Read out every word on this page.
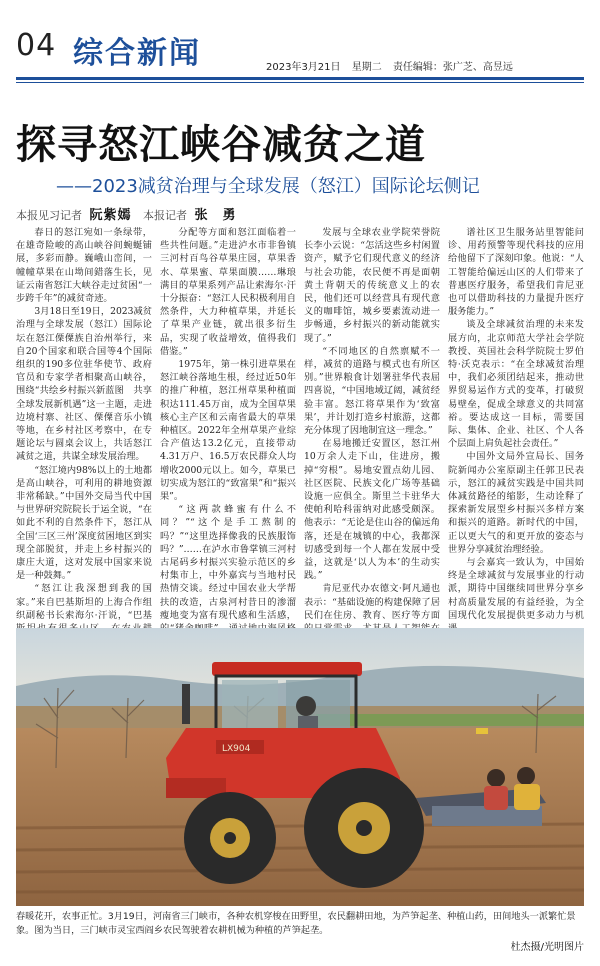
04 综合新闻	2023年3月21日 星期二 责任编辑：张广芝、高昱远
探寻怒江峡谷减贫之道
——2023减贫治理与全球发展（怒江）国际论坛侧记
本报见习记者 阮紫嫣 本报记者 张　勇

春日的怒江宛如一条绿带，在雄奇险峻的高山峡谷间蜿蜒铺展，多彩而静。巍峨山峦间，一幢幢草果在山坳间錯落生长，见证云南省怒江大峡谷走过贫困“一步跨千年”的减贫奇迹。

3月18日至19日，2023减贫治理与全球发展（怒江）国际论坛在怒江傈僳族自治州举行，来自20个国家和联合国等4个国际组织的190多位驻华使节、政府官员和专家学者相聚高山峡谷，围绕“共绘乡村振兴新蓝图　共享全球发展新机遇”这一主题，走进边境村寨、社区、傈僳音乐小镇等地，在乡村社区考察中，在专题论坛与圆桌会议上，共话怒江减贫之道，共谋全球发展治理。

“怒江境内98%以上的土地都是高山峡谷，可利用的耕地资源非常稀缺。”中国外交局当代中国与世界研究院院长于运全说，“在如此不利的自然条件下，怒江从全国‘三区三州’深度贫困地区到实现全部脱贫，并走上乡村振兴的康庄大道，这对发展中国家来说是一种鼓舞。”

“怒江让我深想到我的国家。”来自巴基斯坦的上海合作组织副秘书长索海尔·汗说，“巴基

分配等方面和怒江面临着一些共性问题。”走进泸水市非鲁镇三河村百鸟谷草果庄园，草果香水、草果蜜、草果面膜……琳琅满目的草果系列产品让索海尔·汗十分振奋：“怒江人民积极利用自然条件，大力种植草果，并延长了草果产业链，就出很多衍生品，实现了收益增效，值得我们借鉴。”

1975年，第一株引进草果在怒江峡谷落地生根，经过近50年的推广种植，怒江州草果种植面积达111.45万亩，成为全国草果核心主产区和云南省最大的草果种植区。2022年全州草果产业综合产值达13.2亿元，直接带动4.31万户、16.5万农民群众人均增收2000元以上。如今，草果已切实成为怒江的“致富果”和“振兴果”。

“这两款蜂蜜有什么不同？”“这个是手工熬制的吗？”“这里选择像我的民族服饰吗？”……在泸水市鲁掌镇三河村古尾码乡村振兴实验示范区的乡村集市上，中外嘉宾与当地村民热情交谈。经过中国农业大学帮扶的改造，古泉河村昔日的渗溜瘦地变为富有现代感和生活感，

发展与全球农业学院荣誉院长李小云说：“怎活这些乡村闲置资产，赋予它们现代意义的经济与社会功能，农民便不再是面朝黄土背朝天的传统意义上的农民，他们还可以经营具有现代意义的咖啡馆，城乡要素流动进一步畅通，乡村振兴的新动能就实现了。”

“不同地区的自然禀赋不一样，减贫的道路与模式也有所区别。”世界粮食计划署驻华代表屈四喜说，“中国地域辽阔，减贫经验丰富。怒江将草果作为‘致富果’，并计划打造乡村旅游，这都充分体现了因地制宜这一理念。”

在易地搬迁安置区，怒江州10万余人走下山，住进房，搬掉“穷根”。易地安置点幼儿园、社区医院、民族文化广场等基础设施一应俱全。斯里兰卡驻华大使帕利哈科雷纳对此感受颇深。他表示：“无论是住山谷的偏远角落，还是在城镇的中心，我都深切感受到每一个人都在发展中受益，这就是‘以人为本’的生动实践。”

肯尼亚代办农德文·阿凡通也表示：“基础设施的构建保障了居民们在住房、教育、医疗等方面

谱社区卫生服务站里智能问诊、用药预警等现代科技的应用给他留下了深刻印象。他说：“人工智能给偏远山区的人们带来了普惠医疗服务，希望我们肯尼亚也可以借助科技的力量提升医疗服务能力。”

谈及全球减贫治理的未来发展方向，北京师范大学社会学院教授、英国社会科学院院士罗伯特·沃克表示：“在全球减贫治理中，我们必须团结起来，推动世界贸易运作方式的变革，打破贸易壁垒，促成全球意义的共同富裕。要达成这一目标，需要国际、集体、企业、社区、个人各个层面上肩负起社会责任。”

中国外文局外宣局长、国务院新闻办公室原副主任郭卫民表示，怒江的减贫实践是中国共同体减贫路径的缩影，生动诠释了探索新发展型乡村振兴多样方案和振兴的道路。新时代的中国，正以更大气的和更开放的姿态与世界分享减贫治理经验。

与会嘉宾一致认为，中国始终是全球减贫与发展事业的行动派，期待中国继续同世界分享乡村高质量发展的有益经验，为全国现代化发展提供更多动力与机

LX904
春暖花开，农事正忙。3月19日，河南省三门峡市，各种农机穿梭在田野里，农民翻耕田地，为芦笋起垄、种植山药，田间地头一派繁忙景象。图为当日，三门峡市灵宝西阎乡农民驾驶着农耕机械为种植的芦笋起垄。
杜杰摄/光明图片
